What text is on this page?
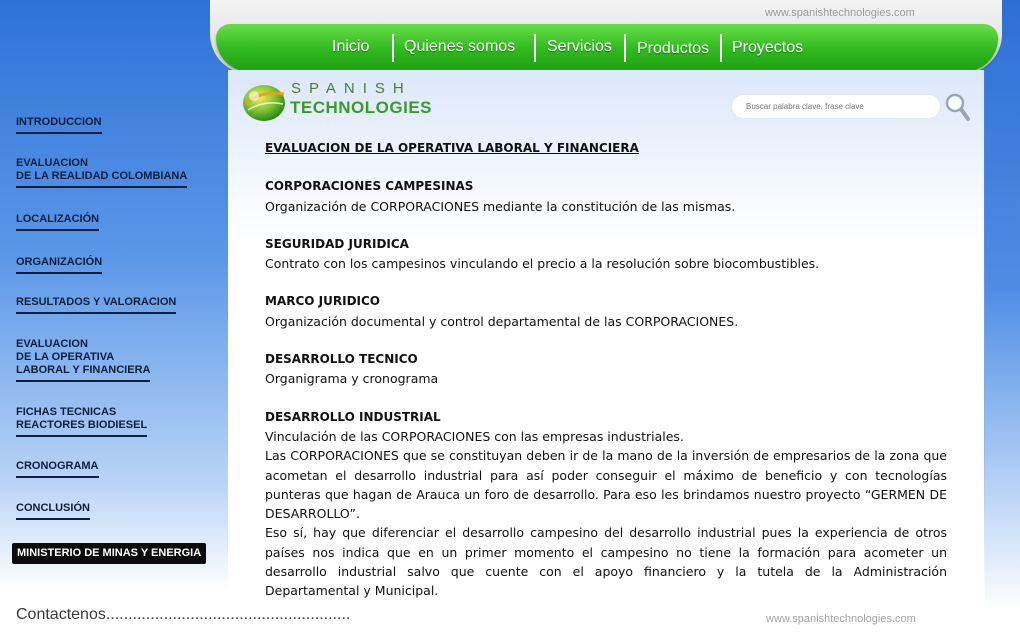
www.spanishtechnologies.com
Inicio Quienes somos Servicios Productos Proyectos
SPANISH
TECHNOLOGIES
Buscar palabra clave, frase clave
INTRODUCCION
EVALUACION
DE LA REALIDAD COLOMBIANA
LOCALIZACIÓN
ORGANIZACIÓN
RESULTADOS Y VALORACION
EVALUACION
DE LA OPERATIVA
LABORAL Y FINANCIERA
FICHAS TECNICAS
REACTORES BIODIESEL
CRONOGRAMA
CONCLUSIÓN
MINISTERIO DE MINAS Y ENERGIA
Contactenos.......................................................	www.spanishtechnologies.com

EVALUACION DE LA OPERATIVA LABORAL Y FINANCIERA

CORPORACIONES CAMPESINAS

Organización de CORPORACIONES mediante la constitución de las mismas.

SEGURIDAD JURIDICA

Contrato con los campesinos vinculando el precio a la resolución sobre biocombustibles.

MARCO JURIDICO

Organización documental y control departamental de las CORPORACIONES.

DESARROLLO TECNICO

Organigrama y cronograma

DESARROLLO INDUSTRIAL

Vinculación de las CORPORACIONES con las empresas industriales.

Las CORPORACIONES que se constituyan deben ir de la mano de la inversión de empresarios de la zona que acometan el desarrollo industrial para así poder conseguir el máximo de beneficio y con tecnologías punteras que hagan de Arauca un foro de desarrollo. Para eso les brindamos nuestro proyecto “GERMEN DE DESARROLLO”.

Eso sí, hay que diferenciar el desarrollo campesino del desarrollo industrial pues la experiencia de otros países nos indica que en un primer momento el campesino no tiene la formación para acometer un desarrollo industrial salvo que cuente con el apoyo financiero y la tutela de la Administración Departamental y Municipal.
